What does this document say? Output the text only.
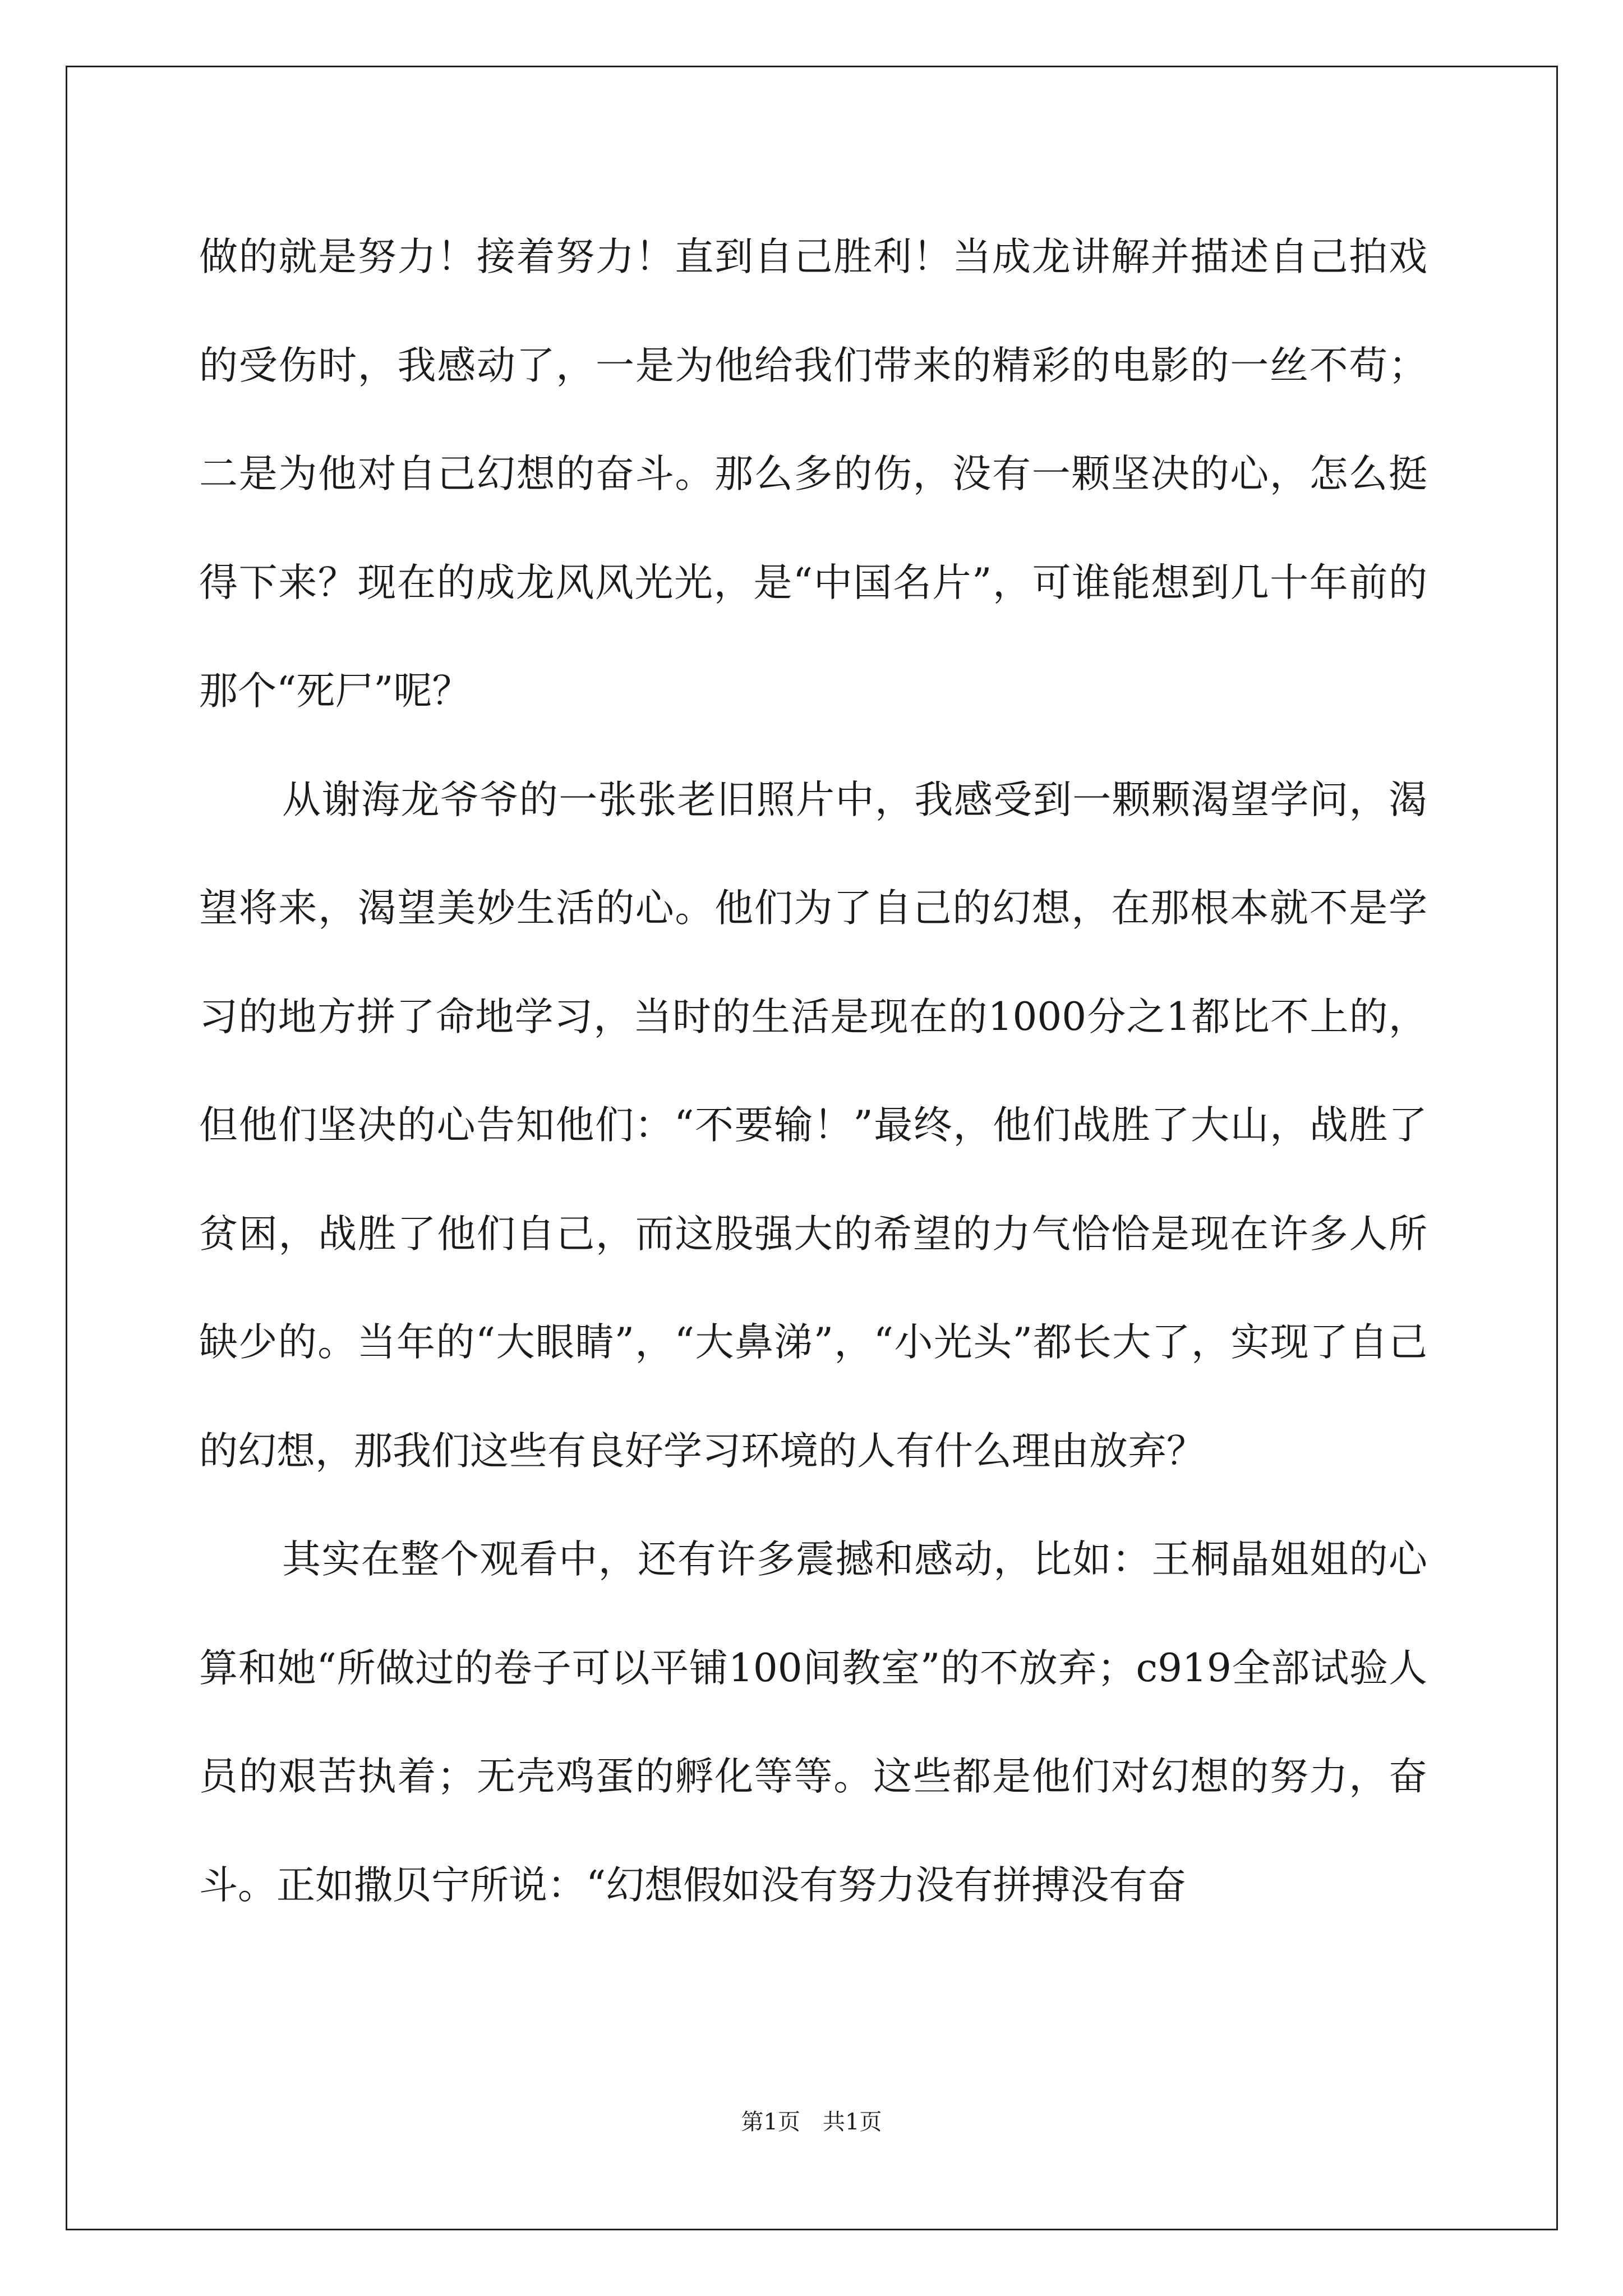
做的就是努力！接着努力！直到自己胜利！当成龙讲解并描述自己拍戏的受伤时，我感动了，一是为他给我们带来的精彩的电影的一丝不苟；二是为他对自己幻想的奋斗。那么多的伤，没有一颗坚决的心，怎么挺得下来？现在的成龙风风光光，是“中国名片”，可谁能想到几十年前的那个“死尸”呢？

从谢海龙爷爷的一张张老旧照片中，我感受到一颗颗渴望学问，渴望将来，渴望美妙生活的心。他们为了自己的幻想，在那根本就不是学习的地方拼了命地学习，当时的生活是现在的1000分之1都比不上的，但他们坚决的心告知他们：“不要输！”最终，他们战胜了大山，战胜了贫困，战胜了他们自己，而这股强大的希望的力气恰恰是现在许多人所缺少的。当年的“大眼睛”，“大鼻涕”，“小光头”都长大了，实现了自己的幻想，那我们这些有良好学习环境的人有什么理由放弃？

其实在整个观看中，还有许多震撼和感动，比如：王桐晶姐姐的心算和她“所做过的卷子可以平铺100间教室”的不放弃；c919全部试验人员的艰苦执着；无壳鸡蛋的孵化等等。这些都是他们对幻想的努力，奋斗。正如撒贝宁所说：“幻想假如没有努力没有拼搏没有奋

第1页 共1页
